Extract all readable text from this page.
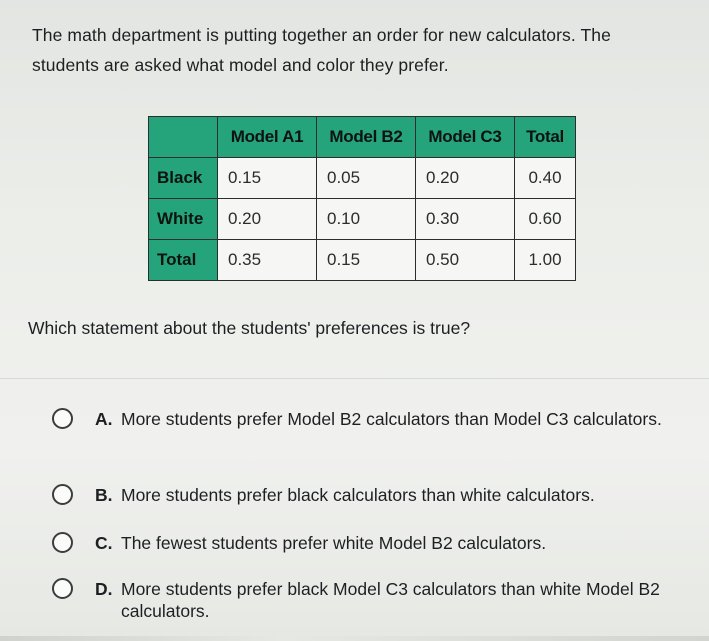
The math department is putting together an order for new calculators. The

students are asked what model and color they prefer.

	Model A1	Model B2	Model C3	Total
Black	0.15	0.05	0.20	0.40
White	0.20	0.10	0.30	0.60
Total	0.35	0.15	0.50	1.00
Which statement about the students' preferences is true?
A. More students prefer Model B2 calculators than Model C3 calculators.
B. More students prefer black calculators than white calculators.
C. The fewest students prefer white Model B2 calculators.
D. More students prefer black Model C3 calculators than white Model B2 calculators.
